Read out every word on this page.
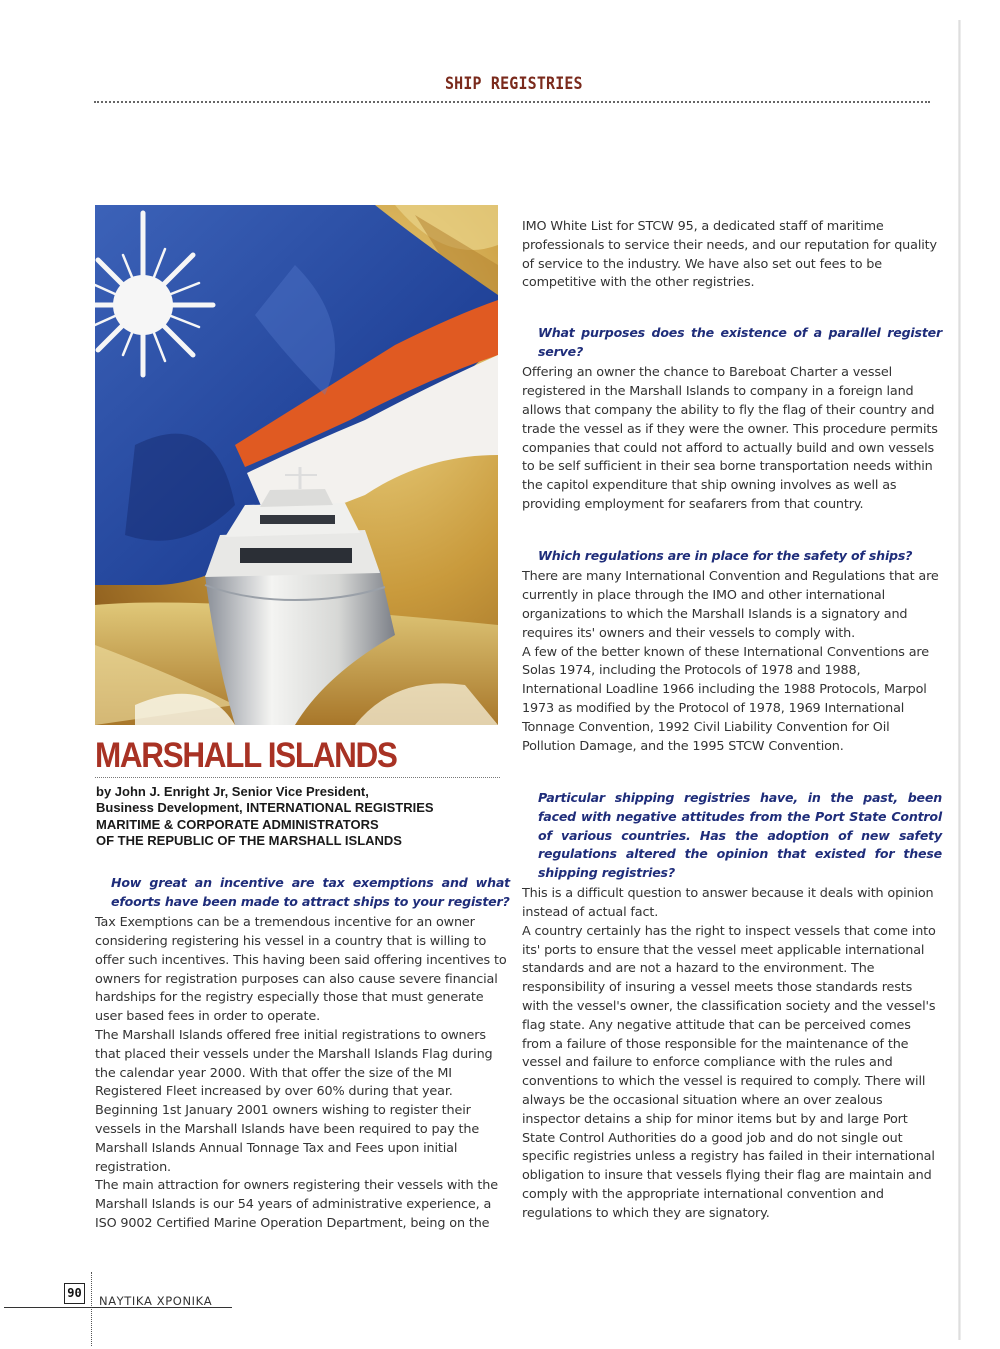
SHIP REGISTRIES
MARSHALL ISLANDS
by John J. Enright Jr, Senior Vice President,
Business Development, INTERNATIONAL REGISTRIES
MARITIME & CORPORATE ADMINISTRATORS
OF THE REPUBLIC OF THE MARSHALL ISLANDS
How great an incentive are tax exemptions and what efoorts have been made to attract ships to your register?

Tax Exemptions can be a tremendous incentive for an owner considering registering his vessel in a country that is willing to offer such incentives. This having been said offering incentives to owners for registration purposes can also cause severe financial hardships for the registry especially those that must generate user based fees in order to operate.

The Marshall Islands offered free initial registrations to owners that placed their vessels under the Marshall Islands Flag during the calendar year 2000. With that offer the size of the MI Registered Fleet increased by over 60% during that year.

Beginning 1st January 2001 owners wishing to register their vessels in the Marshall Islands have been required to pay the Marshall Islands Annual Tonnage Tax and Fees upon initial registration.

The main attraction for owners registering their vessels with the Marshall Islands is our 54 years of administrative experience, a ISO 9002 Certified Marine Operation Department, being on the

IMO White List for STCW 95, a dedicated staff of maritime professionals to service their needs, and our reputation for quality of service to the industry. We have also set out fees to be competitive with the other registries.

What purposes does the existence of a parallel register serve?

Offering an owner the chance to Bareboat Charter a vessel registered in the Marshall Islands to company in a foreign land allows that company the ability to fly the flag of their country and trade the vessel as if they were the owner. This procedure permits companies that could not afford to actually build and own vessels to be self sufficient in their sea borne transportation needs within the capitol expenditure that ship owning involves as well as providing employment for seafarers from that country.

Which regulations are in place for the safety of ships?

There are many International Convention and Regulations that are currently in place through the IMO and other international organizations to which the Marshall Islands is a signatory and requires its' owners and their vessels to comply with.

A few of the better known of these International Conventions are Solas 1974, including the Protocols of 1978 and 1988, International Loadline 1966 including the 1988 Protocols, Marpol 1973 as modified by the Protocol of 1978, 1969 International Tonnage Convention, 1992 Civil Liability Convention for Oil Pollution Damage, and the 1995 STCW Convention.

Particular shipping registries have, in the past, been faced with negative attitudes from the Port State Control of various countries. Has the adoption of new safety regulations altered the opinion that existed for these shipping registries?

This is a difficult question to answer because it deals with opinion instead of actual fact.

A country certainly has the right to inspect vessels that come into its' ports to ensure that the vessel meet applicable international standards and are not a hazard to the environment. The responsibility of insuring a vessel meets those standards rests with the vessel's owner, the classification society and the vessel's flag state. Any negative attitude that can be perceived comes from a failure of those responsible for the maintenance of the vessel and failure to enforce compliance with the rules and conventions to which the vessel is required to comply. There will always be the occasional situation where an over zealous inspector detains a ship for minor items but by and large Port State Control Authorities do a good job and do not single out specific registries unless a registry has failed in their international obligation to insure that vessels flying their flag are maintain and comply with the appropriate international convention and regulations to which they are signatory.

90
ΝΑΥΤΙΚΑ ΧΡΟΝΙΚΑ
